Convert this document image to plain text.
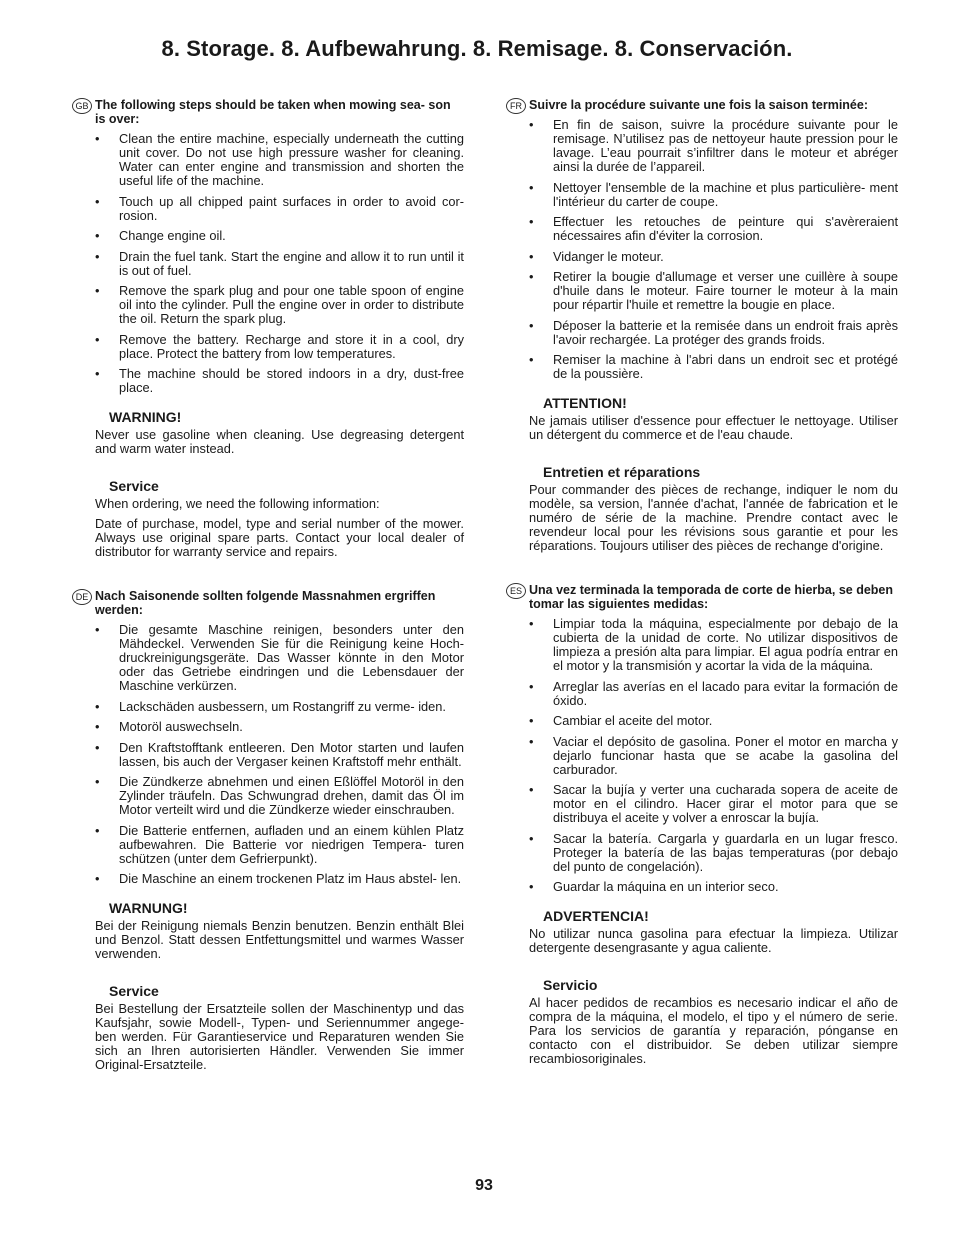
8. Storage. 8. Aufbewahrung. 8. Remisage. 8. Conservación.
GB The following steps should be taken when mowing sea- son is over:

• Clean the entire machine, especially underneath the cutting unit cover. Do not use high pressure washer for cleaning. Water can enter engine and transmission and shorten the useful life of the machine.
• Touch up all chipped paint surfaces in order to avoid cor- rosion.
• Change engine oil.
• Drain the fuel tank. Start the engine and allow it to run until it is out of fuel.
• Remove the spark plug and pour one table spoon of engine oil into the cylinder. Pull the engine over in order to distribute the oil. Return the spark plug.
• Remove the battery. Recharge and store it in a cool, dry place. Protect the battery from low temperatures.
• The machine should be stored indoors in a dry, dust-free place.
WARNING!

Never use gasoline when cleaning. Use degreasing detergent and warm water instead.

Service

When ordering, we need the following information:

Date of purchase, model, type and serial number of the mower. Always use original spare parts. Contact your local dealer of distributor for warranty service and repairs.

DE Nach Saisonende sollten folgende Massnahmen ergriffen werden:

• Die gesamte Maschine reinigen, besonders unter den Mähdeckel. Verwenden Sie für die Reinigung keine Hoch- druckreinigungsgeräte. Das Wasser könnte in den Motor oder das Getriebe eindringen und die Lebensdauer der Maschine verkürzen.
• Lackschäden ausbessern, um Rostangriff zu verme- iden.
• Motoröl auswechseln.
• Den Kraftstofftank entleeren. Den Motor starten und laufen lassen, bis auch der Vergaser keinen Kraftstoff mehr enthält.
• Die Zündkerze abnehmen und einen Eßlöffel Motoröl in den Zylinder träufeln. Das Schwungrad drehen, damit das Öl im Motor verteilt wird und die Zündkerze wieder einschrauben.
• Die Batterie entfernen, aufladen und an einem kühlen Platz aufbewahren. Die Batterie vor niedrigen Tempera- turen schützen (unter dem Gefrierpunkt).
• Die Maschine an einem trockenen Platz im Haus abstel- len.
WARNUNG!

Bei der Reinigung niemals Benzin benutzen. Benzin enthält Blei und Benzol. Statt dessen Entfettungsmittel und warmes Wasser verwenden.

Service

Bei Bestellung der Ersatzteile sollen der Maschinentyp und das Kaufsjahr, sowie Modell-, Typen- und Seriennummer angege- ben werden. Für Garantieservice und Reparaturen wenden Sie sich an Ihren autorisierten Händler. Verwenden Sie immer Original-Ersatzteile.

FR Suivre la procédure suivante une fois la saison terminée:

• En fin de saison, suivre la procédure suivante pour le remisage. N’utilisez pas de nettoyeur haute pression pour le lavage. L’eau pourrait s’infiltrer dans le moteur et abréger ainsi la durée de l’appareil.
• Nettoyer l'ensemble de la machine et plus particulière- ment l'intérieur du carter de coupe.
• Effectuer les retouches de peinture qui s'avèreraient nécessaires afin d'éviter la corrosion.
• Vidanger le moteur.
• Retirer la bougie d'allumage et verser une cuillère à soupe d'huile dans le moteur. Faire tourner le moteur à la main pour répartir l'huile et remettre la bougie en place.
• Déposer la batterie et la remisée dans un endroit frais après l'avoir rechargée. La protéger des grands froids.
• Remiser la machine à l'abri dans un endroit sec et protégé de la poussière.
ATTENTION!

Ne jamais utiliser d'essence pour effectuer le nettoyage. Utiliser un détergent du commerce et de l'eau chaude.

Entretien et réparations

Pour commander des pièces de rechange, indiquer le nom du modèle, sa version, l'année d'achat, l'année de fabrication et le numéro de série de la machine. Prendre contact avec le revendeur local pour les révisions sous garantie et pour les réparations. Toujours utiliser des pièces de rechange d'origine.

ES Una vez terminada la temporada de corte de hierba, se deben tomar las siguientes medidas:

• Limpiar toda la máquina, especialmente por debajo de la cubierta de la unidad de corte. No utilizar dispositivos de limpieza a presión alta para limpiar. El agua podría entrar en el motor y la transmisión y acortar la vida de la máquina.
• Arreglar las averías en el lacado para evitar la formación de óxido.
• Cambiar el aceite del motor.
• Vaciar el depósito de gasolina. Poner el motor en marcha y dejarlo funcionar hasta que se acabe la gasolina del carburador.
• Sacar la bujía y verter una cucharada sopera de aceite de motor en el cilindro. Hacer girar el motor para que se distribuya el aceite y volver a enroscar la bujía.
• Sacar la batería. Cargarla y guardarla en un lugar fresco. Proteger la batería de las bajas temperaturas (por debajo del punto de congelación).
• Guardar la máquina en un interior seco.
ADVERTENCIA!

No utilizar nunca gasolina para efectuar la limpieza. Utilizar detergente desengrasante y agua caliente.

Servicio

Al hacer pedidos de recambios es necesario indicar el año de compra de la máquina, el modelo, el tipo y el número de serie. Para los servicios de garantía y reparación, pónganse en contacto con el distribuidor. Se deben utilizar siempre recambiosoriginales.

93
